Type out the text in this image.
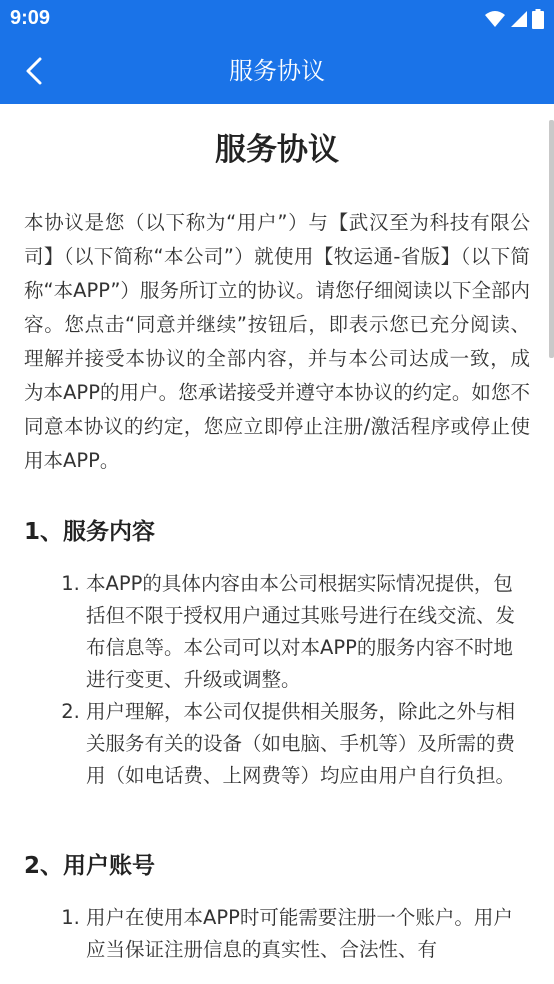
9:09
服务协议
服务协议

本协议是您（以下称为“用户”）与【武汉至为科技有限公司】（以下简称“本公司”）就使用【牧运通-省版】（以下简称“本APP”）服务所订立的协议。请您仔细阅读以下全部内容。您点击“同意并继续”按钮后，即表示您已充分阅读、理解并接受本协议的全部内容，并与本公司达成一致，成为本APP的用户。您承诺接受并遵守本协议的约定。如您不同意本协议的约定，您应立即停止注册/激活程序或停止使用本APP。

1、服务内容
1. 本APP的具体内容由本公司根据实际情况提供，包括但不限于授权用户通过其账号进行在线交流、发布信息等。本公司可以对本APP的服务内容不时地进行变更、升级或调整。
2. 用户理解，本公司仅提供相关服务，除此之外与相关服务有关的设备（如电脑、手机等）及所需的费用（如电话费、上网费等）均应由用户自行负担。
2、用户账号
1. 用户在使用本APP时可能需要注册一个账户。用户应当保证注册信息的真实性、合法性、有
